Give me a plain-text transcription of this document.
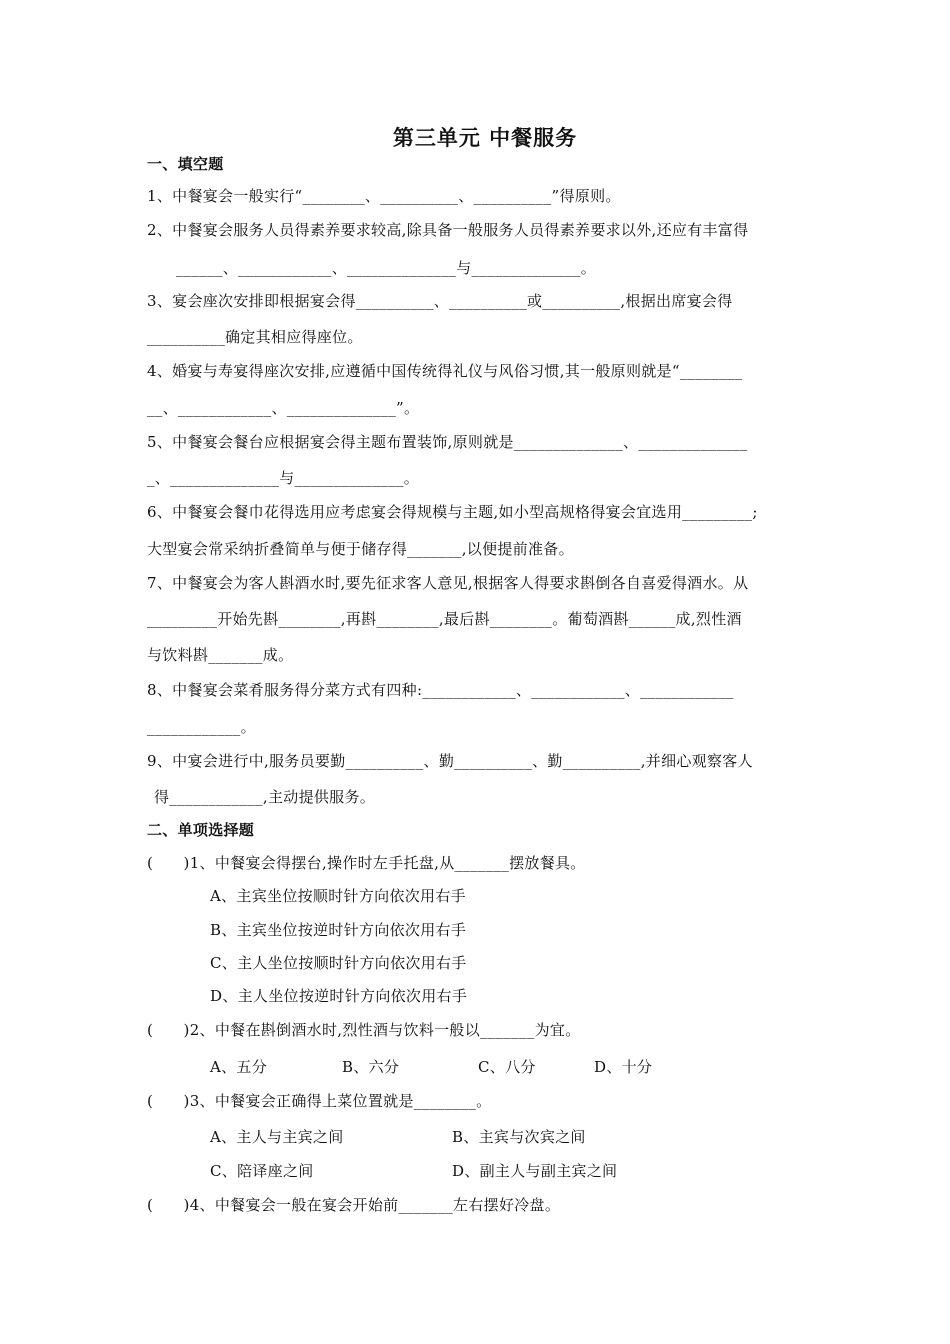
第三单元 中餐服务
一、填空题
1、中餐宴会一般实行“________、__________、__________”得原则。
2、中餐宴会服务人员得素养要求较高,除具备一般服务人员得素养要求以外,还应有丰富得
______、____________、______________与______________。
3、宴会座次安排即根据宴会得__________、__________或__________,根据出席宴会得
__________确定其相应得座位。
4、婚宴与寿宴得座次安排,应遵循中国传统得礼仪与风俗习惯,其一般原则就是“________
__、____________、______________”。
5、中餐宴会餐台应根据宴会得主题布置装饰,原则就是______________、______________
_、______________与______________。
6、中餐宴会餐巾花得选用应考虑宴会得规模与主题,如小型高规格得宴会宜选用_________;
大型宴会常采纳折叠简单与便于储存得_______,以便提前准备。
7、中餐宴会为客人斟酒水时,要先征求客人意见,根据客人得要求斟倒各自喜爱得酒水。从
_________开始先斟________,再斟________,最后斟________。葡萄酒斟______成,烈性酒
与饮料斟_______成。
8、中餐宴会菜肴服务得分菜方式有四种:____________、____________、____________
____________。
9、中宴会进行中,服务员要勤__________、勤__________、勤__________,并细心观察客人
得____________,主动提供服务。
二、单项选择题
(      )1、中餐宴会得摆台,操作时左手托盘,从_______摆放餐具。
A、主宾坐位按顺时针方向依次用右手
B、主宾坐位按逆时针方向依次用右手
C、主人坐位按顺时针方向依次用右手
D、主人坐位按逆时针方向依次用右手
(      )2、中餐在斟倒酒水时,烈性酒与饮料一般以_______为宜。
A、五分	B、六分	C、八分	D、十分
(      )3、中餐宴会正确得上菜位置就是________。
A、主人与主宾之间	B、主宾与次宾之间
C、陪译座之间	D、副主人与副主宾之间
(      )4、中餐宴会一般在宴会开始前_______左右摆好冷盘。
